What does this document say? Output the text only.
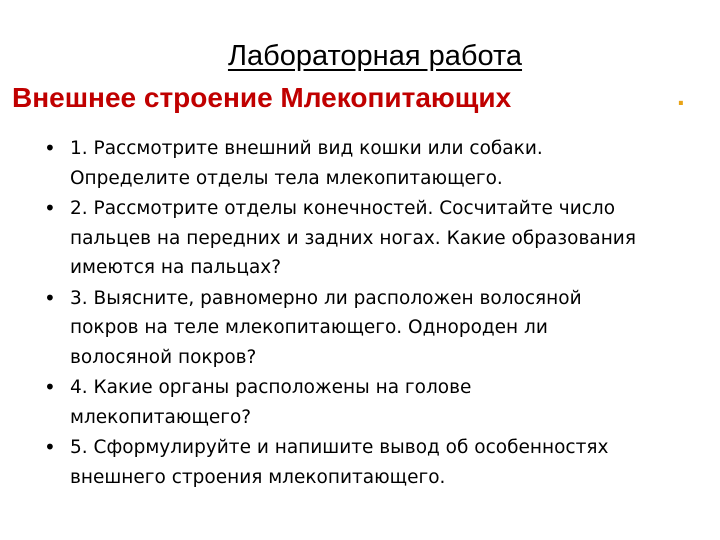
Лабораторная работа
Внешнее строение Млекопитающих	.
• 1. Рассмотрите внешний вид кошки или собаки.
Определите отделы тела млекопитающего.
• 2. Рассмотрите отделы конечностей. Сосчитайте число
пальцев на передних и задних ногах. Какие образования
имеются на пальцах?
• 3. Выясните, равномерно ли расположен волосяной
покров на теле млекопитающего. Однороден ли
волосяной покров?
• 4. Какие органы расположены на голове
млекопитающего?
• 5. Сформулируйте и напишите вывод об особенностях
внешнего строения млекопитающего.
